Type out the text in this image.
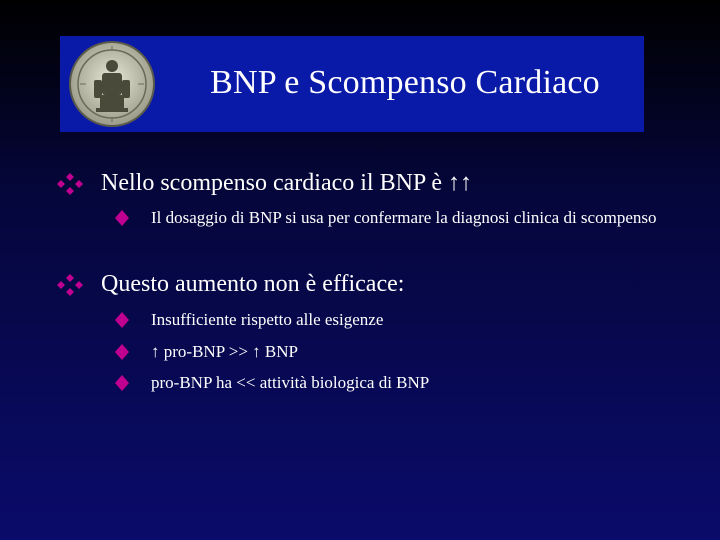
BNP e Scompenso Cardiaco
Nello scompenso cardiaco il BNP è ↑↑
Il dosaggio di BNP si usa per confermare la diagnosi clinica di scompenso
Questo aumento non è efficace:
Insufficiente rispetto alle esigenze
↑ pro-BNP >> ↑ BNP
pro-BNP ha << attività biologica di BNP
